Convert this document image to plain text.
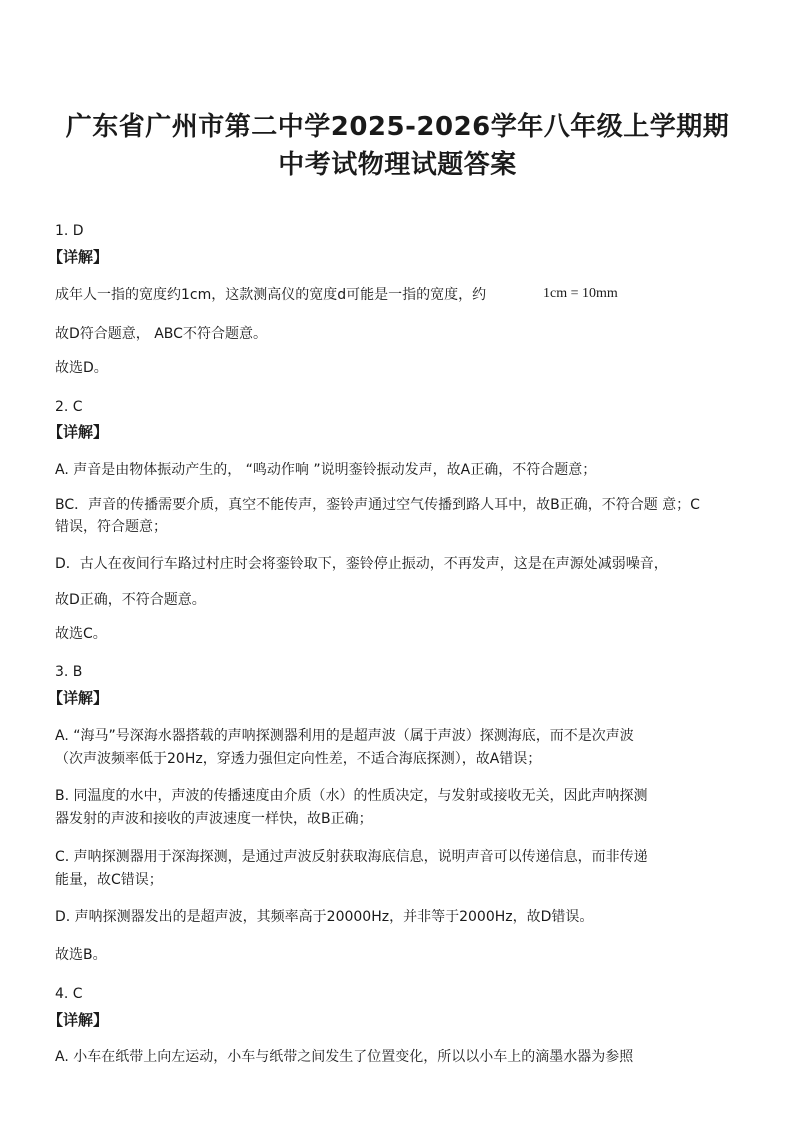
广东省广州市第二中学2025-2026学年八年级上学期期
中考试物理试题答案
1. D
【详解】
成年人一指的宽度约1cm，这款测高仪的宽度d可能是一指的宽度，约	1cm = 10mm
故D符合题意， ABC不符合题意。
故选D。
2. C
【详解】
A. 声音是由物体振动产生的， “鸣动作响 ”说明銮铃振动发声，故A正确，不符合题意；
BC．声音的传播需要介质，真空不能传声，銮铃声通过空气传播到路人耳中，故B正确，不符合题 意；C
错误，符合题意；
D．古人在夜间行车路过村庄时会将銮铃取下，銮铃停止振动，不再发声，这是在声源处减弱噪音，
故D正确，不符合题意。
故选C。
3. B
【详解】
A. “海马”号深海水器搭载的声呐探测器利用的是超声波（属于声波）探测海底，而不是次声波
（次声波频率低于20Hz，穿透力强但定向性差，不适合海底探测），故A错误；
B. 同温度的水中，声波的传播速度由介质（水）的性质决定，与发射或接收无关，因此声呐探测
器发射的声波和接收的声波速度一样快，故B正确；
C. 声呐探测器用于深海探测，是通过声波反射获取海底信息，说明声音可以传递信息，而非传递
能量，故C错误；
D. 声呐探测器发出的是超声波，其频率高于20000Hz，并非等于2000Hz，故D错误。
故选B。
4. C
【详解】
A. 小车在纸带上向左运动，小车与纸带之间发生了位置变化，所以以小车上的滴墨水器为参照
